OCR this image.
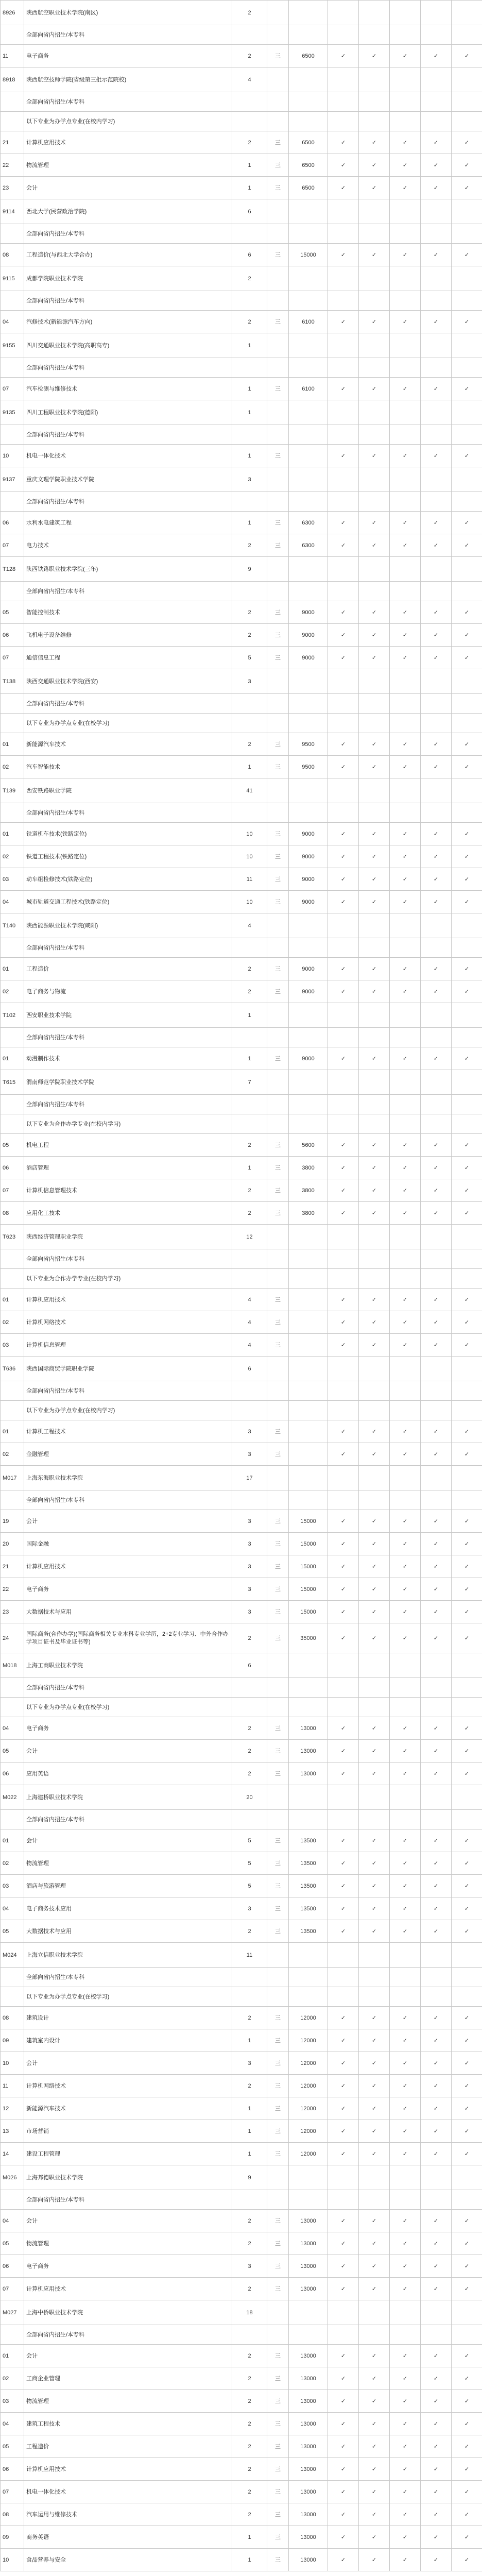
8926	陕西航空职业技术学院(南区)	2							
	全部向省内招生/本专科								
11	电子商务	2	三	6500	✓	✓	✓	✓	✓
8918	陕西航空技师学院(省级第三批示范院校)	4							
	全部向省内招生/本专科								
	以下专业为办学点专业(在校内学习)								
21	计算机应用技术	2	三	6500	✓	✓	✓	✓	✓
22	物流管理	1	三	6500	✓	✓	✓	✓	✓
23	会计	1	三	6500	✓	✓	✓	✓	✓
9114	西北大学(民营政治学院)	6							
	全部向省内招生/本专科								
08	工程造价(与西北大学合办)	6	三	15000	✓	✓	✓	✓	✓
9115	成都学院职业技术学院	2							
	全部向省内招生/本专科								
04	汽修技术(新能源汽车方向)	2	三	6100	✓	✓	✓	✓	✓
9155	四川交通职业技术学院(高职高专)	1							
	全部向省内招生/本专科								
07	汽车检测与维修技术	1	三	6100	✓	✓	✓	✓	✓
9135	四川工程职业技术学院(德阳)	1							
	全部向省内招生/本专科								
10	机电一体化技术	1	三		✓	✓	✓	✓	✓
9137	重庆文理学院职业技术学院	3							
	全部向省内招生/本专科								
06	水利水电建筑工程	1	三	6300	✓	✓	✓	✓	✓
07	电力技术	2	三	6300	✓	✓	✓	✓	✓
T128	陕西铁路职业技术学院(三年)	9							
	全部向省内招生/本专科								
05	智能控制技术	2	三	9000	✓	✓	✓	✓	✓
06	飞机电子设备维修	2	三	9000	✓	✓	✓	✓	✓
07	通信信息工程	5	三	9000	✓	✓	✓	✓	✓
T138	陕西交通职业技术学院(西安)	3							
	全部向省内招生/本专科								
	以下专业为办学点专业(在校学习)								
01	新能源汽车技术	2	三	9500	✓	✓	✓	✓	✓
02	汽车智能技术	1	三	9500	✓	✓	✓	✓	✓
T139	西安铁路职业学院	41							
	全部向省内招生/本专科								
01	铁道机车技术(铁路定位)	10	三	9000	✓	✓	✓	✓	✓
02	铁道工程技术(铁路定位)	10	三	9000	✓	✓	✓	✓	✓
03	动车组检修技术(铁路定位)	11	三	9000	✓	✓	✓	✓	✓
04	城市轨道交通工程技术(铁路定位)	10	三	9000	✓	✓	✓	✓	✓
T140	陕西能源职业技术学院(咸阳)	4							
	全部向省内招生/本专科								
01	工程造价	2	三	9000	✓	✓	✓	✓	✓
02	电子商务与物流	2	三	9000	✓	✓	✓	✓	✓
T102	西安职业技术学院	1							
	全部向省内招生/本专科								
01	动漫制作技术	1	三	9000	✓	✓	✓	✓	✓
T615	渭南师范学院职业技术学院	7							
	全部向省内招生/本专科								
	以下专业为合作办学专业(在校内学习)								
05	机电工程	2	三	5600	✓	✓	✓	✓	✓
06	酒店管理	1	三	3800	✓	✓	✓	✓	✓
07	计算机信息管理技术	2	三	3800	✓	✓	✓	✓	✓
08	应用化工技术	2	三	3800	✓	✓	✓	✓	✓
T623	陕西经济管理职业学院	12							
	全部向省内招生/本专科								
	以下专业为合作办学专业(在校内学习)								
01	计算机应用技术	4	三		✓	✓	✓	✓	✓
02	计算机网络技术	4	三		✓	✓	✓	✓	✓
03	计算机信息管理	4	三		✓	✓	✓	✓	✓
T636	陕西国际商贸学院职业学院	6							
	全部向省内招生/本专科								
	以下专业为办学点专业(在校内学习)								
01	计算机工程技术	3	三		✓	✓	✓	✓	✓
02	金融管理	3	三		✓	✓	✓	✓	✓
M017	上海东海职业技术学院	17							
	全部向省内招生/本专科								
19	会计	3	三	15000	✓	✓	✓	✓	✓
20	国际金融	3	三	15000	✓	✓	✓	✓	✓
21	计算机应用技术	3	三	15000	✓	✓	✓	✓	✓
22	电子商务	3	三	15000	✓	✓	✓	✓	✓
23	大数据技术与应用	3	三	15000	✓	✓	✓	✓	✓
24	国际商务(合作办学)(国际商务相关专业本科专业学历，2+2专业学习、中外合作办学项目证书及毕业证书等)	2	三	35000	✓	✓	✓	✓	✓
M018	上海工商职业技术学院	6							
	全部向省内招生/本专科								
	以下专业为办学点专业(在校学习)								
04	电子商务	2	三	13000	✓	✓	✓	✓	✓
05	会计	2	三	13000	✓	✓	✓	✓	✓
06	应用英语	2	三	13000	✓	✓	✓	✓	✓
M022	上海建桥职业技术学院	20							
	全部向省内招生/本专科								
01	会计	5	三	13500	✓	✓	✓	✓	✓
02	物流管理	5	三	13500	✓	✓	✓	✓	✓
03	酒店与旅游管理	5	三	13500	✓	✓	✓	✓	✓
04	电子商务技术应用	3	三	13500	✓	✓	✓	✓	✓
05	大数据技术与应用	2	三	13500	✓	✓	✓	✓	✓
M024	上海立信职业技术学院	11							
	全部向省内招生/本专科								
	以下专业为办学点专业(在校学习)								
08	建筑设计	2	三	12000	✓	✓	✓	✓	✓
09	建筑室内设计	1	三	12000	✓	✓	✓	✓	✓
10	会计	3	三	12000	✓	✓	✓	✓	✓
11	计算机网络技术	2	三	12000	✓	✓	✓	✓	✓
12	新能源汽车技术	1	三	12000	✓	✓	✓	✓	✓
13	市场营销	1	三	12000	✓	✓	✓	✓	✓
14	建设工程管理	1	三	12000	✓	✓	✓	✓	✓
M026	上海邦德职业技术学院	9							
	全部向省内招生/本专科								
04	会计	2	三	13000	✓	✓	✓	✓	✓
05	物流管理	2	三	13000	✓	✓	✓	✓	✓
06	电子商务	3	三	13000	✓	✓	✓	✓	✓
07	计算机应用技术	2	三	13000	✓	✓	✓	✓	✓
M027	上海中侨职业技术学院	18							
	全部向省内招生/本专科								
01	会计	2	三	13000	✓	✓	✓	✓	✓
02	工商企业管理	2	三	13000	✓	✓	✓	✓	✓
03	物流管理	2	三	13000	✓	✓	✓	✓	✓
04	建筑工程技术	2	三	13000	✓	✓	✓	✓	✓
05	工程造价	2	三	13000	✓	✓	✓	✓	✓
06	计算机应用技术	2	三	13000	✓	✓	✓	✓	✓
07	机电一体化技术	2	三	13000	✓	✓	✓	✓	✓
08	汽车运用与维修技术	2	三	13000	✓	✓	✓	✓	✓
09	商务英语	1	三	13000	✓	✓	✓	✓	✓
10	食品营养与安全	1	三	13000	✓	✓	✓	✓	✓
